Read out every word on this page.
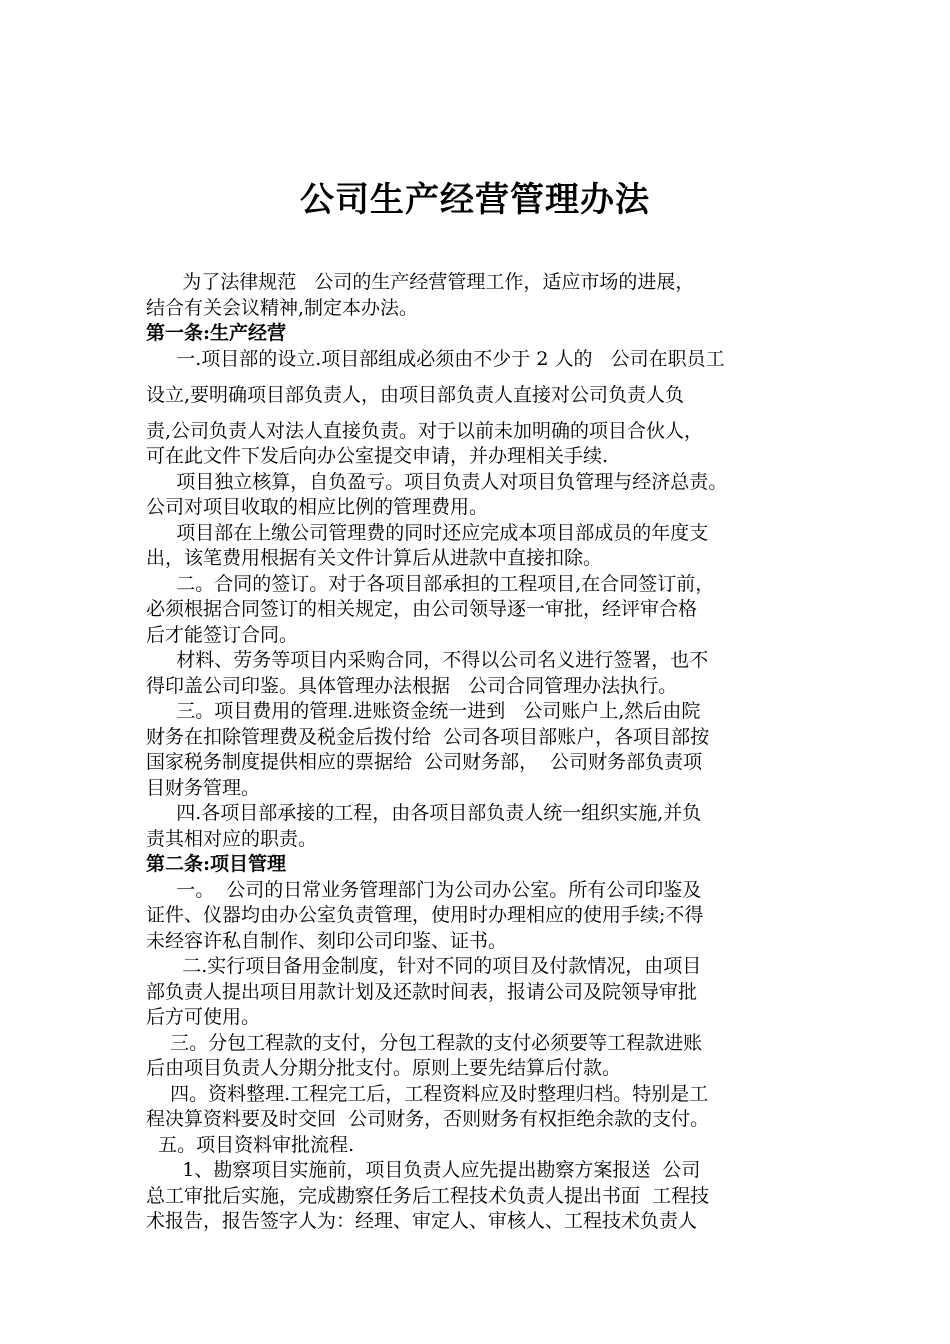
公司生产经营管理办法
为了法律规范   公司的生产经营管理工作，适应市场的进展，
结合有关会议精神,制定本办法。
第一条:生产经营
一.项目部的设立.项目部组成必须由不少于 2 人的   公司在职员工
设立,要明确项目部负责人，由项目部负责人直接对公司负责人负
责,公司负责人对法人直接负责。对于以前未加明确的项目合伙人，
可在此文件下发后向办公室提交申请，并办理相关手续.
项目独立核算，自负盈亏。项目负责人对项目负管理与经济总责。
公司对项目收取的相应比例的管理费用。
项目部在上缴公司管理费的同时还应完成本项目部成员的年度支
出，该笔费用根据有关文件计算后从进款中直接扣除。
二。合同的签订。对于各项目部承担的工程项目,在合同签订前，
必须根据合同签订的相关规定，由公司领导逐一审批，经评审合格
后才能签订合同。
材料、劳务等项目内采购合同，不得以公司名义进行签署，也不
得印盖公司印鉴。具体管理办法根据   公司合同管理办法执行。
三。项目费用的管理.进账资金统一进到   公司账户上,然后由院
财务在扣除管理费及税金后拨付给  公司各项目部账户，各项目部按
国家税务制度提供相应的票据给  公司财务部，  公司财务部负责项
目财务管理。
四.各项目部承接的工程，由各项目部负责人统一组织实施,并负
责其相对应的职责。
第二条:项目管理
一。  公司的日常业务管理部门为公司办公室。所有公司印鉴及
证件、仪器均由办公室负责管理，使用时办理相应的使用手续;不得
未经容许私自制作、刻印公司印鉴、证书。
二.实行项目备用金制度，针对不同的项目及付款情况，由项目
部负责人提出项目用款计划及还款时间表，报请公司及院领导审批
后方可使用。
三。分包工程款的支付，分包工程款的支付必须要等工程款进账
后由项目负责人分期分批支付。原则上要先结算后付款。
四。资料整理.工程完工后，工程资料应及时整理归档。特别是工
程决算资料要及时交回  公司财务，否则财务有权拒绝余款的支付。
五。项目资料审批流程.
1、勘察项目实施前，项目负责人应先提出勘察方案报送  公司
总工审批后实施，完成勘察任务后工程技术负责人提出书面  工程技
术报告，报告签字人为：经理、审定人、审核人、工程技术负责人
